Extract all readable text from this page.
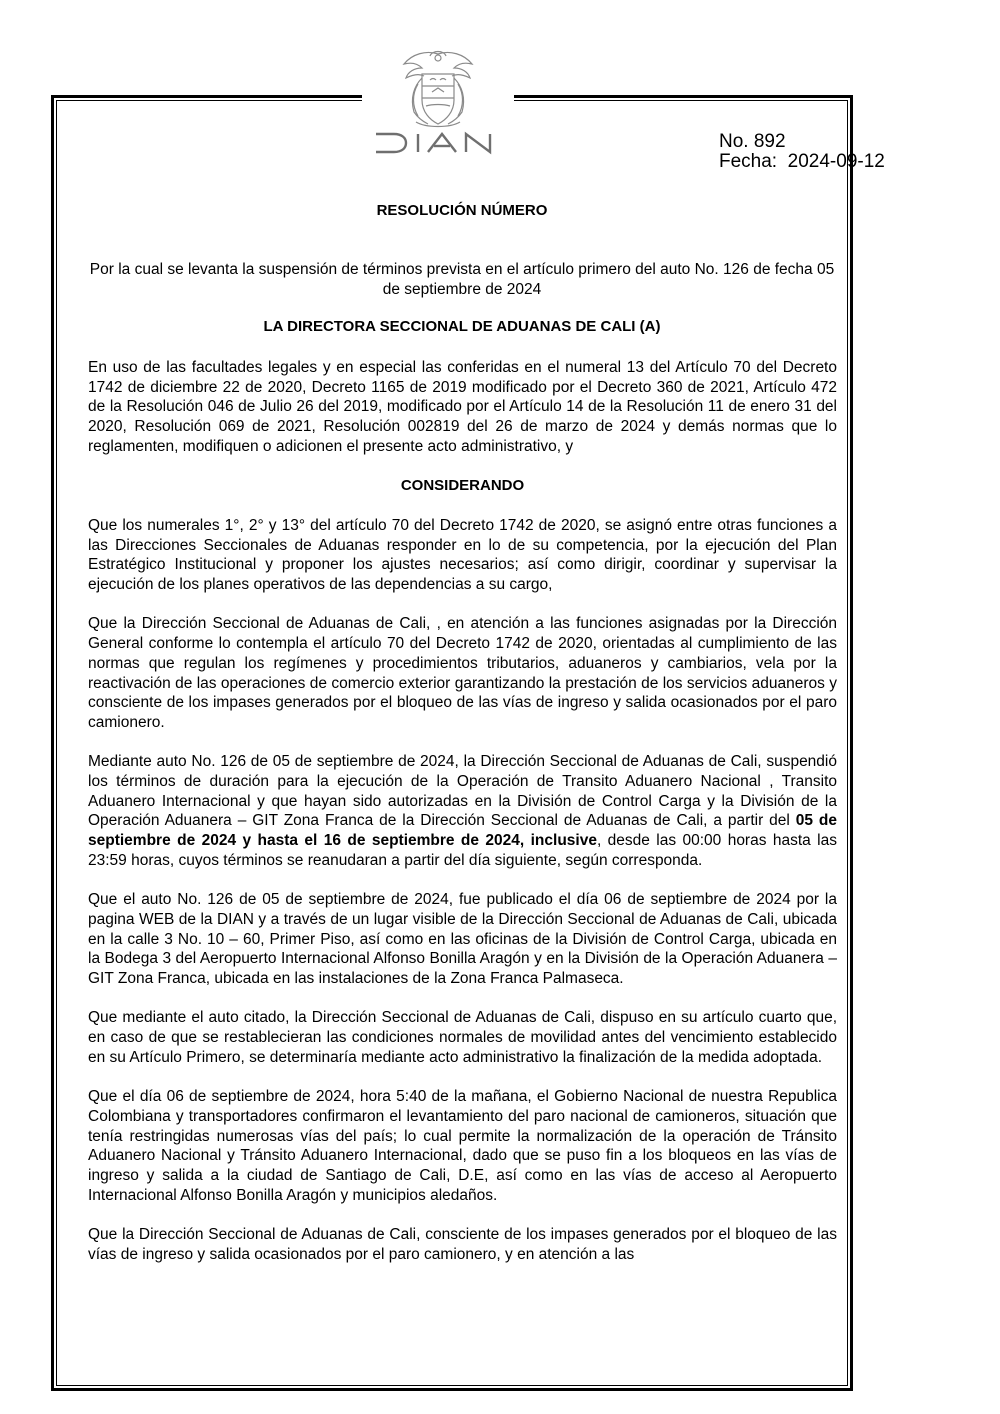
DIAN
No. 892
Fecha: 2024-09-12
RESOLUCIÓN NÚMERO
Por la cual se levanta la suspensión de términos prevista en el artículo primero del auto No. 126 de fecha 05 de septiembre de 2024
LA DIRECTORA SECCIONAL DE ADUANAS DE CALI (A)

En uso de las facultades legales y en especial las conferidas en el numeral 13 del Artículo 70 del Decreto 1742 de diciembre 22 de 2020, Decreto 1165 de 2019 modificado por el Decreto 360 de 2021, Artículo 472 de la Resolución 046 de Julio 26 del 2019, modificado por el Artículo 14 de la Resolución 11 de enero 31 del 2020, Resolución 069 de 2021, Resolución 002819 del 26 de marzo de 2024 y demás normas que lo reglamenten, modifiquen o adicionen el presente acto administrativo, y

CONSIDERANDO

Que los numerales 1°, 2° y 13° del artículo 70 del Decreto 1742 de 2020, se asignó entre otras funciones a las Direcciones Seccionales de Aduanas responder en lo de su competencia, por la ejecución del Plan Estratégico Institucional y proponer los ajustes necesarios; así como dirigir, coordinar y supervisar la ejecución de los planes operativos de las dependencias a su cargo,

Que la Dirección Seccional de Aduanas de Cali, , en atención a las funciones asignadas por la Dirección General conforme lo contempla el artículo 70 del Decreto 1742 de 2020, orientadas al cumplimiento de las normas que regulan los regímenes y procedimientos tributarios, aduaneros y cambiarios, vela por la reactivación de las operaciones de comercio exterior garantizando la prestación de los servicios aduaneros y consciente de los impases generados por el bloqueo de las vías de ingreso y salida ocasionados por el paro camionero.

Mediante auto No. 126 de 05 de septiembre de 2024, la Dirección Seccional de Aduanas de Cali, suspendió los términos de duración para la ejecución de la Operación de Transito Aduanero Nacional , Transito Aduanero Internacional y que hayan sido autorizadas en la División de Control Carga y la División de la Operación Aduanera – GIT Zona Franca de la Dirección Seccional de Aduanas de Cali, a partir del 05 de septiembre de 2024 y hasta el 16 de septiembre de 2024, inclusive, desde las 00:00 horas hasta las 23:59 horas, cuyos términos se reanudaran a partir del día siguiente, según corresponda.

Que el auto No. 126 de 05 de septiembre de 2024, fue publicado el día 06 de septiembre de 2024 por la pagina WEB de la DIAN y a través de un lugar visible de la Dirección Seccional de Aduanas de Cali, ubicada en la calle 3 No. 10 – 60, Primer Piso, así como en las oficinas de la División de Control Carga, ubicada en la Bodega 3 del Aeropuerto Internacional Alfonso Bonilla Aragón y en la División de la Operación Aduanera – GIT Zona Franca, ubicada en las instalaciones de la Zona Franca Palmaseca.

Que mediante el auto citado, la Dirección Seccional de Aduanas de Cali, dispuso en su artículo cuarto que, en caso de que se restablecieran las condiciones normales de movilidad antes del vencimiento establecido en su Artículo Primero, se determinaría mediante acto administrativo la finalización de la medida adoptada.

Que el día 06 de septiembre de 2024, hora 5:40 de la mañana, el Gobierno Nacional de nuestra Republica Colombiana y transportadores confirmaron el levantamiento del paro nacional de camioneros, situación que tenía restringidas numerosas vías del país; lo cual permite la normalización de la operación de Tránsito Aduanero Nacional y Tránsito Aduanero Internacional, dado que se puso fin a los bloqueos en las vías de ingreso y salida a la ciudad de Santiago de Cali, D.E, así como en las vías de acceso al Aeropuerto Internacional Alfonso Bonilla Aragón y municipios aledaños.

Que la Dirección Seccional de Aduanas de Cali, consciente de los impases generados por el bloqueo de las vías de ingreso y salida ocasionados por el paro camionero, y en atención a las
